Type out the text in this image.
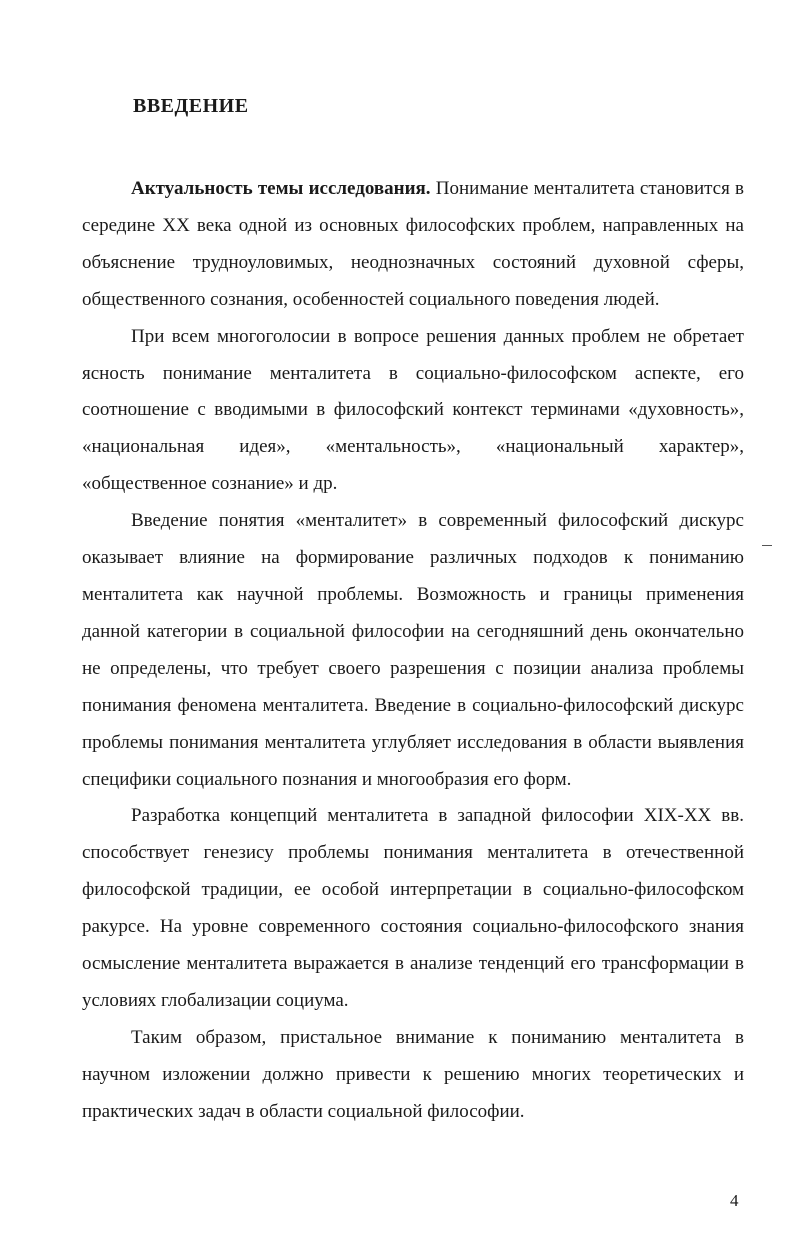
ВВЕДЕНИЕ

Актуальность темы исследования. Понимание менталитета становится в середине XX века одной из основных философских проблем, направленных на объяснение трудноуловимых, неоднозначных состояний духовной сферы, общественного сознания, особенностей социального поведения людей.

При всем многоголосии в вопросе решения данных проблем не обретает ясность понимание менталитета в социально-философском аспекте, его соотношение с вводимыми в философский контекст терминами «духовность», «национальная идея», «ментальность», «национальный характер», «общественное сознание» и др.

Введение понятия «менталитет» в современный философский дискурс оказывает влияние на формирование различных подходов к пониманию менталитета как научной проблемы. Возможность и границы применения данной категории в социальной философии на сегодняшний день окончательно не определены, что требует своего разрешения с позиции анализа проблемы понимания феномена менталитета. Введение в социально-философский дискурс проблемы понимания менталитета углубляет исследования в области выявления специфики социального познания и многообразия его форм.

Разработка концепций менталитета в западной философии XIX-XX вв. способствует генезису проблемы понимания менталитета в отечественной философской традиции, ее особой интерпретации в социально-философском ракурсе. На уровне современного состояния социально-философского знания осмысление менталитета выражается в анализе тенденций его трансформации в условиях глобализации социума.

Таким образом, пристальное внимание к пониманию менталитета в научном изложении должно привести к решению многих теоретических и практических задач в области социальной философии.

4
